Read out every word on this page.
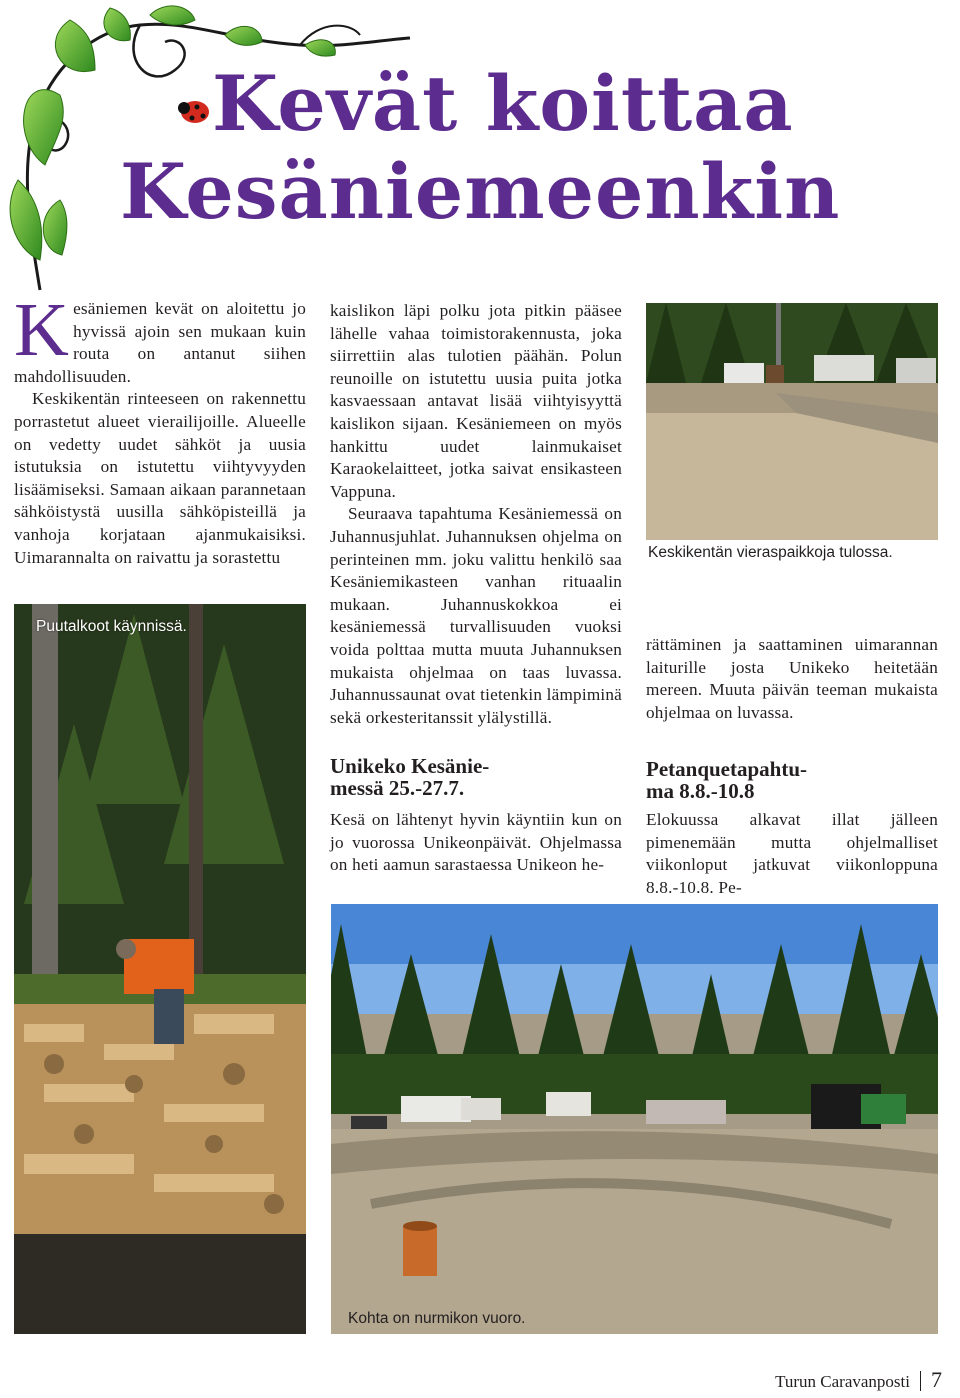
Kevät koittaa
Kesäniemeenkin

Kesäniemen kevät on aloitettu jo hyvissä ajoin sen mukaan kuin routa on antanut siihen mahdollisuuden.

Keskikentän rinteeseen on rakennettu porrastetut alueet vierailijoille. Alueelle on vedetty uudet sähköt ja uusia istutuksia on istutettu viihtyvyyden lisäämiseksi. Samaan aikaan parannetaan sähköistystä uusilla sähköpisteillä ja vanhoja korjataan ajanmukaisiksi. Uimarannalta on raivattu ja sorastettu

Puutalkoot käynnissä.

kaislikon läpi polku jota pitkin pääsee lähelle vahaa toimistorakennusta, joka siirrettiin alas tulotien päähän. Polun reunoille on istutettu uusia puita jotka kasvaessaan antavat lisää viihtyisyyttä kaislikon sijaan. Kesäniemeen on myös hankittu uudet lainmukaiset Karaokelaitteet, jotka saivat ensikasteen Vappuna.

Seuraava tapahtuma Kesäniemessä on Juhannusjuhlat. Juhannuksen ohjelma on perinteinen mm. joku valittu henkilö saa Kesäniemikasteen vanhan rituaalin mukaan. Juhannuskokkoa ei kesäniemessä turvallisuuden vuoksi voida polttaa mutta muuta Juhannuksen mukaista ohjelmaa on taas luvassa. Juhannussaunat ovat tietenkin lämpiminä sekä orkesteritanssit ylälystillä.

Unikeko Kesänie-
messä 25.-27.7.

Kesä on lähtenyt hyvin käyntiin kun on jo vuorossa Unikeonpäivät. Ohjelmassa on heti aamun sarastaessa Unikeon he-

Keskikentän vieraspaikkoja tulossa.

rättäminen ja saattaminen uimarannan laiturille josta Unikeko heitetään mereen. Muuta päivän teeman mukaista ohjelmaa on luvassa.

Petanquetapahtu-
ma 8.8.-10.8

Elokuussa alkavat illat jälleen pimenemään mutta ohjelmalliset viikonloput jatkuvat viikonloppuna 8.8.-10.8. Pe-

Kohta on nurmikon vuoro.
Turun Caravanposti 7
